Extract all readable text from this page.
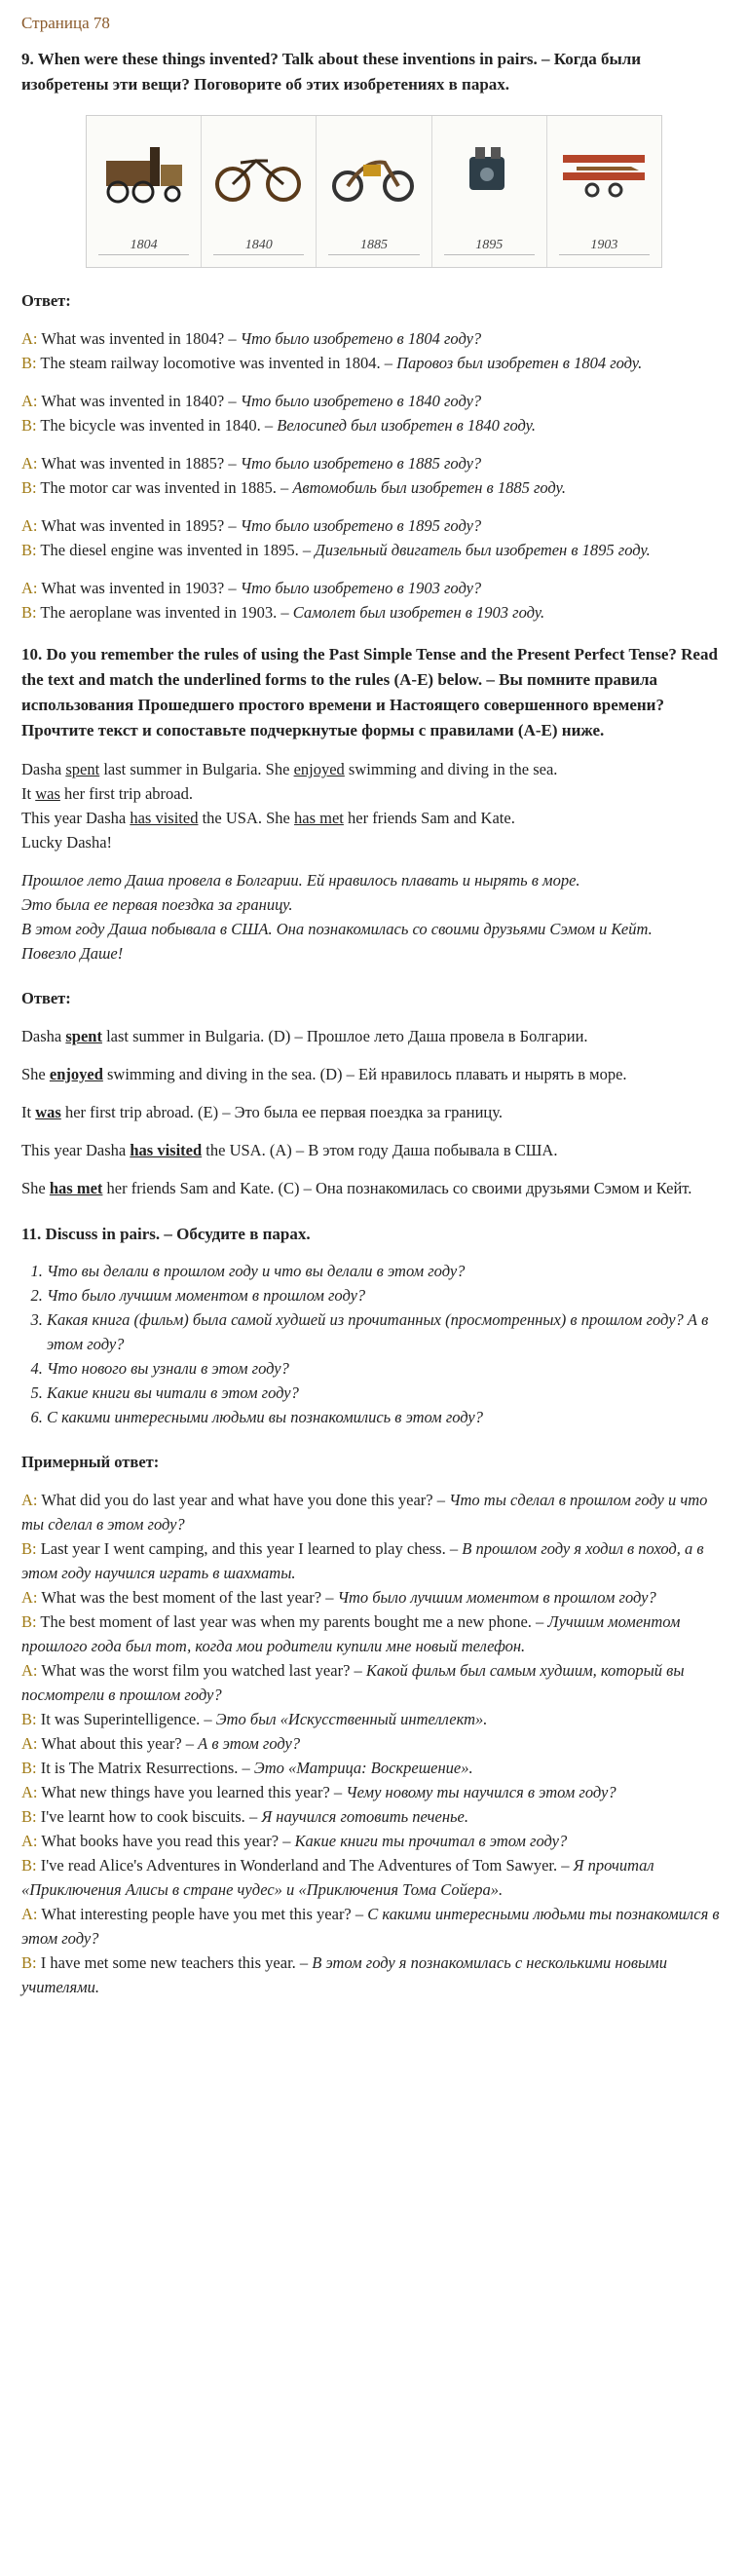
Страница 78
9. When were these things invented? Talk about these inventions in pairs. – Когда были изобретены эти вещи? Поговорите об этих изобретениях в парах.
1804	1840	1885	1895	1903
Ответ:

A: What was invented in 1804? – Что было изобретено в 1804 году?

B: The steam railway locomotive was invented in 1804. – Паровоз был изобретен в 1804 году.

A: What was invented in 1840? – Что было изобретено в 1840 году?

B: The bicycle was invented in 1840. – Велосипед был изобретен в 1840 году.

A: What was invented in 1885? – Что было изобретено в 1885 году?

B: The motor car was invented in 1885. – Автомобиль был изобретен в 1885 году.

A: What was invented in 1895? – Что было изобретено в 1895 году?

B: The diesel engine was invented in 1895. – Дизельный двигатель был изобретен в 1895 году.

A: What was invented in 1903? – Что было изобретено в 1903 году?

B: The aeroplane was invented in 1903. – Самолет был изобретен в 1903 году.

10. Do you remember the rules of using the Past Simple Tense and the Present Perfect Tense? Read the text and match the underlined forms to the rules (A-E) below. – Вы помните правила использования Прошедшего простого времени и Настоящего совершенного времени? Прочтите текст и сопоставьте подчеркнутые формы с правилами (A-E) ниже.

Dasha spent last summer in Bulgaria. She enjoyed swimming and diving in the sea.

It was her first trip abroad.

This year Dasha has visited the USA. She has met her friends Sam and Kate.

Lucky Dasha!

Прошлое лето Даша провела в Болгарии. Ей нравилось плавать и нырять в море.
Это была ее первая поездка за границу.
В этом году Даша побывала в США. Она познакомилась со своими друзьями Сэмом и Кейт.
Повезло Даше!
Ответ:

Dasha spent last summer in Bulgaria. (D) – Прошлое лето Даша провела в Болгарии.

She enjoyed swimming and diving in the sea. (D) – Ей нравилось плавать и нырять в море.

It was her first trip abroad. (E) – Это была ее первая поездка за границу.

This year Dasha has visited the USA. (A) – В этом году Даша побывала в США.

She has met her friends Sam and Kate. (C) – Она познакомилась со своими друзьями Сэмом и Кейт.

11. Discuss in pairs. – Обсудите в парах.
1. Что вы делали в прошлом году и что вы делали в этом году?
2. Что было лучшим моментом в прошлом году?
3. Какая книга (фильм) была самой худшей из прочитанных (просмотренных) в прошлом году? А в этом году?
4. Что нового вы узнали в этом году?
5. Какие книги вы читали в этом году?
6. С какими интересными людьми вы познакомились в этом году?
Примерный ответ:

A: What did you do last year and what have you done this year? – Что ты сделал в прошлом году и что ты сделал в этом году?

B: Last year I went camping, and this year I learned to play chess. – В прошлом году я ходил в поход, а в этом году научился играть в шахматы.

A: What was the best moment of the last year? – Что было лучшим моментом в прошлом году?

B: The best moment of last year was when my parents bought me a new phone. – Лучшим моментом прошлого года был тот, когда мои родители купили мне новый телефон.

A: What was the worst film you watched last year? – Какой фильм был самым худшим, который вы посмотрели в прошлом году?

B: It was Superintelligence. – Это был «Искусственный интеллект».

A: What about this year? – А в этом году?

B: It is The Matrix Resurrections. – Это «Матрица: Воскрешение».

A: What new things have you learned this year? – Чему новому ты научился в этом году?

B: I've learnt how to cook biscuits. – Я научился готовить печенье.

A: What books have you read this year? – Какие книги ты прочитал в этом году?

B: I've read Alice's Adventures in Wonderland and The Adventures of Tom Sawyer. – Я прочитал «Приключения Алисы в стране чудес» и «Приключения Тома Сойера».

A: What interesting people have you met this year? – С какими интересными людьми ты познакомился в этом году?

B: I have met some new teachers this year. – В этом году я познакомилась с несколькими новыми учителями.
